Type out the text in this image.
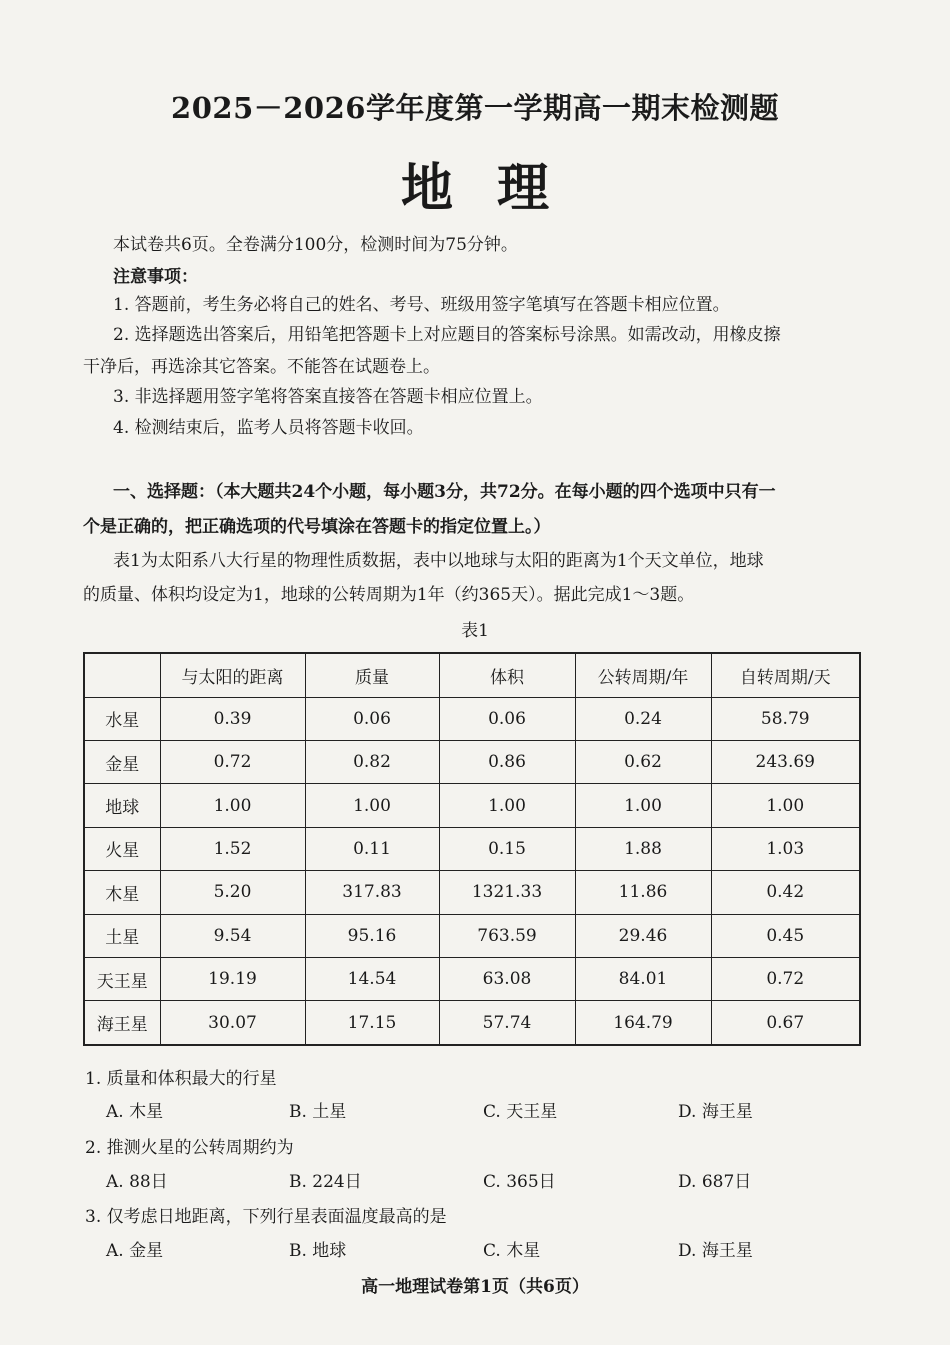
2025－2026学年度第一学期高一期末检测题
地理
本试卷共6页。全卷满分100分，检测时间为75分钟。
注意事项：
1. 答题前，考生务必将自己的姓名、考号、班级用签字笔填写在答题卡相应位置。
2. 选择题选出答案后，用铅笔把答题卡上对应题目的答案标号涂黑。如需改动，用橡皮擦
干净后，再选涂其它答案。不能答在试题卷上。
3. 非选择题用签字笔将答案直接答在答题卡相应位置上。
4. 检测结束后，监考人员将答题卡收回。
一、选择题：（本大题共24个小题，每小题3分，共72分。在每小题的四个选项中只有一
个是正确的，把正确选项的代号填涂在答题卡的指定位置上。）
表1为太阳系八大行星的物理性质数据，表中以地球与太阳的距离为1个天文单位，地球
的质量、体积均设定为1，地球的公转周期为1年（约365天）。据此完成1～3题。
表1
	与太阳的距离	质量	体积	公转周期/年	自转周期/天
水星	0.39	0.06	0.06	0.24	58.79
金星	0.72	0.82	0.86	0.62	243.69
地球	1.00	1.00	1.00	1.00	1.00
火星	1.52	0.11	0.15	1.88	1.03
木星	5.20	317.83	1321.33	11.86	0.42
土星	9.54	95.16	763.59	29.46	0.45
天王星	19.19	14.54	63.08	84.01	0.72
海王星	30.07	17.15	57.74	164.79	0.67
1. 质量和体积最大的行星
A. 木星	B. 土星	C. 天王星	D. 海王星
2. 推测火星的公转周期约为
A. 88日	B. 224日	C. 365日	D. 687日
3. 仅考虑日地距离，下列行星表面温度最高的是
A. 金星	B. 地球	C. 木星	D. 海王星
高一地理试卷第1页（共6页）
